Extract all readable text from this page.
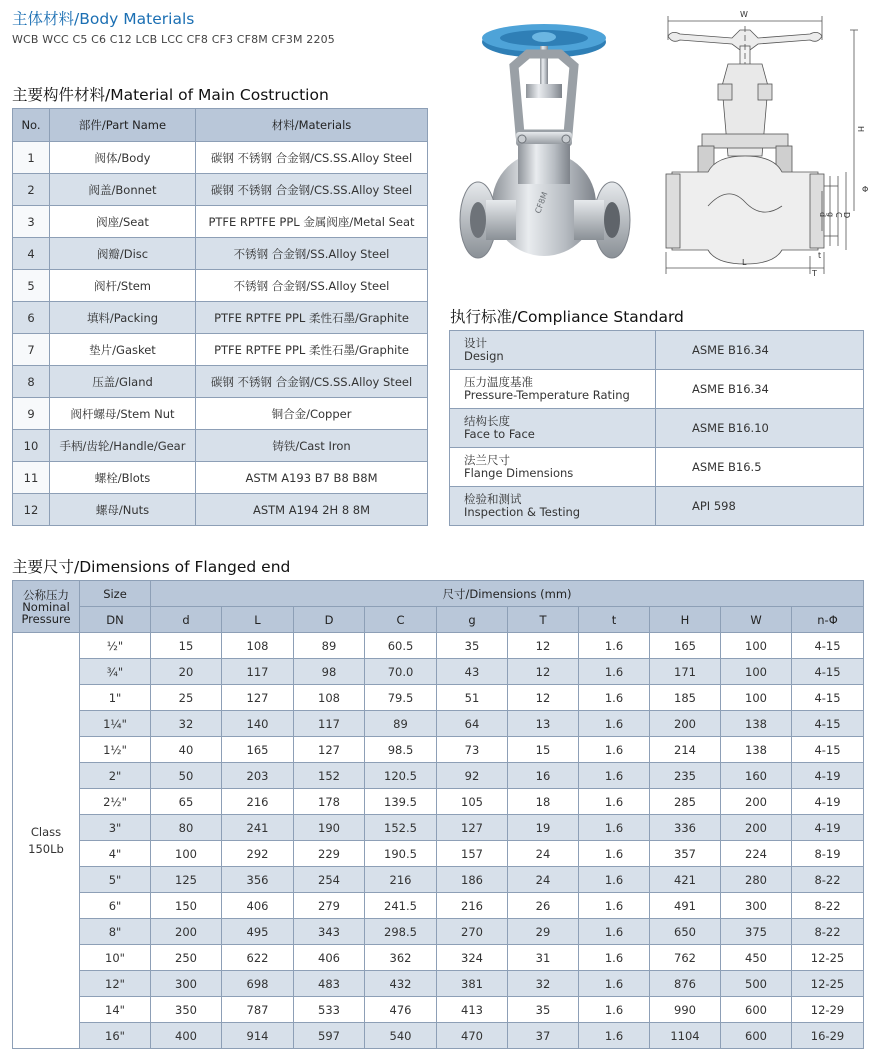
主体材料/Body Materials
WCB WCC C5 C6 C12 LCB LCC CF8 CF3 CF8M CF3M 2205
主要构件材料/Material of Main Costruction
No.	部件/Part Name	材料/Materials
1	阀体/Body	碳钢 不锈钢 合金钢/CS.SS.Alloy Steel
2	阀盖/Bonnet	碳钢 不锈钢 合金钢/CS.SS.Alloy Steel
3	阀座/Seat	PTFE RPTFE PPL 金属阀座/Metal Seat
4	阀瓣/Disc	不锈钢 合金钢/SS.Alloy Steel
5	阀杆/Stem	不锈钢 合金钢/SS.Alloy Steel
6	填料/Packing	PTFE RPTFE PPL 柔性石墨/Graphite
7	垫片/Gasket	PTFE RPTFE PPL 柔性石墨/Graphite
8	压盖/Gland	碳钢 不锈钢 合金钢/CS.SS.Alloy Steel
9	阀杆螺母/Stem Nut	铜合金/Copper
10	手柄/齿轮/Handle/Gear	铸铁/Cast Iron
11	螺栓/Blots	ASTM A193 B7 B8 B8M
12	螺母/Nuts	ASTM A194 2H 8 8M
CF8M
W
H
L
d g C D
Φ
T
t
执行标准/Compliance Standard
设计
Design	ASME B16.34

压力温度基准
Pressure-Temperature Rating	ASME B16.34

结构长度
Face to Face	ASME B16.10

法兰尺寸
Flange Dimensions	ASME B16.5

检验和测试
Inspection & Testing	API 598
主要尺寸/Dimensions of Flanged end
公称压力
Nominal
Pressure	Size	尺寸/Dimensions (mm)									
	DN	d	L	D	C	g	T	t	H	W	n-Φ

Class
150Lb	½"	15	108	89	60.5	35	12	1.6	165	100	4-15
	¾"	20	117	98	70.0	43	12	1.6	171	100	4-15
	1"	25	127	108	79.5	51	12	1.6	185	100	4-15
	1¼"	32	140	117	89	64	13	1.6	200	138	4-15
	1½"	40	165	127	98.5	73	15	1.6	214	138	4-15
	2"	50	203	152	120.5	92	16	1.6	235	160	4-19
	2½"	65	216	178	139.5	105	18	1.6	285	200	4-19
	3"	80	241	190	152.5	127	19	1.6	336	200	4-19
	4"	100	292	229	190.5	157	24	1.6	357	224	8-19
	5"	125	356	254	216	186	24	1.6	421	280	8-22
	6"	150	406	279	241.5	216	26	1.6	491	300	8-22
	8"	200	495	343	298.5	270	29	1.6	650	375	8-22
	10"	250	622	406	362	324	31	1.6	762	450	12-25
	12"	300	698	483	432	381	32	1.6	876	500	12-25
	14"	350	787	533	476	413	35	1.6	990	600	12-29
	16"	400	914	597	540	470	37	1.6	1104	600	16-29
